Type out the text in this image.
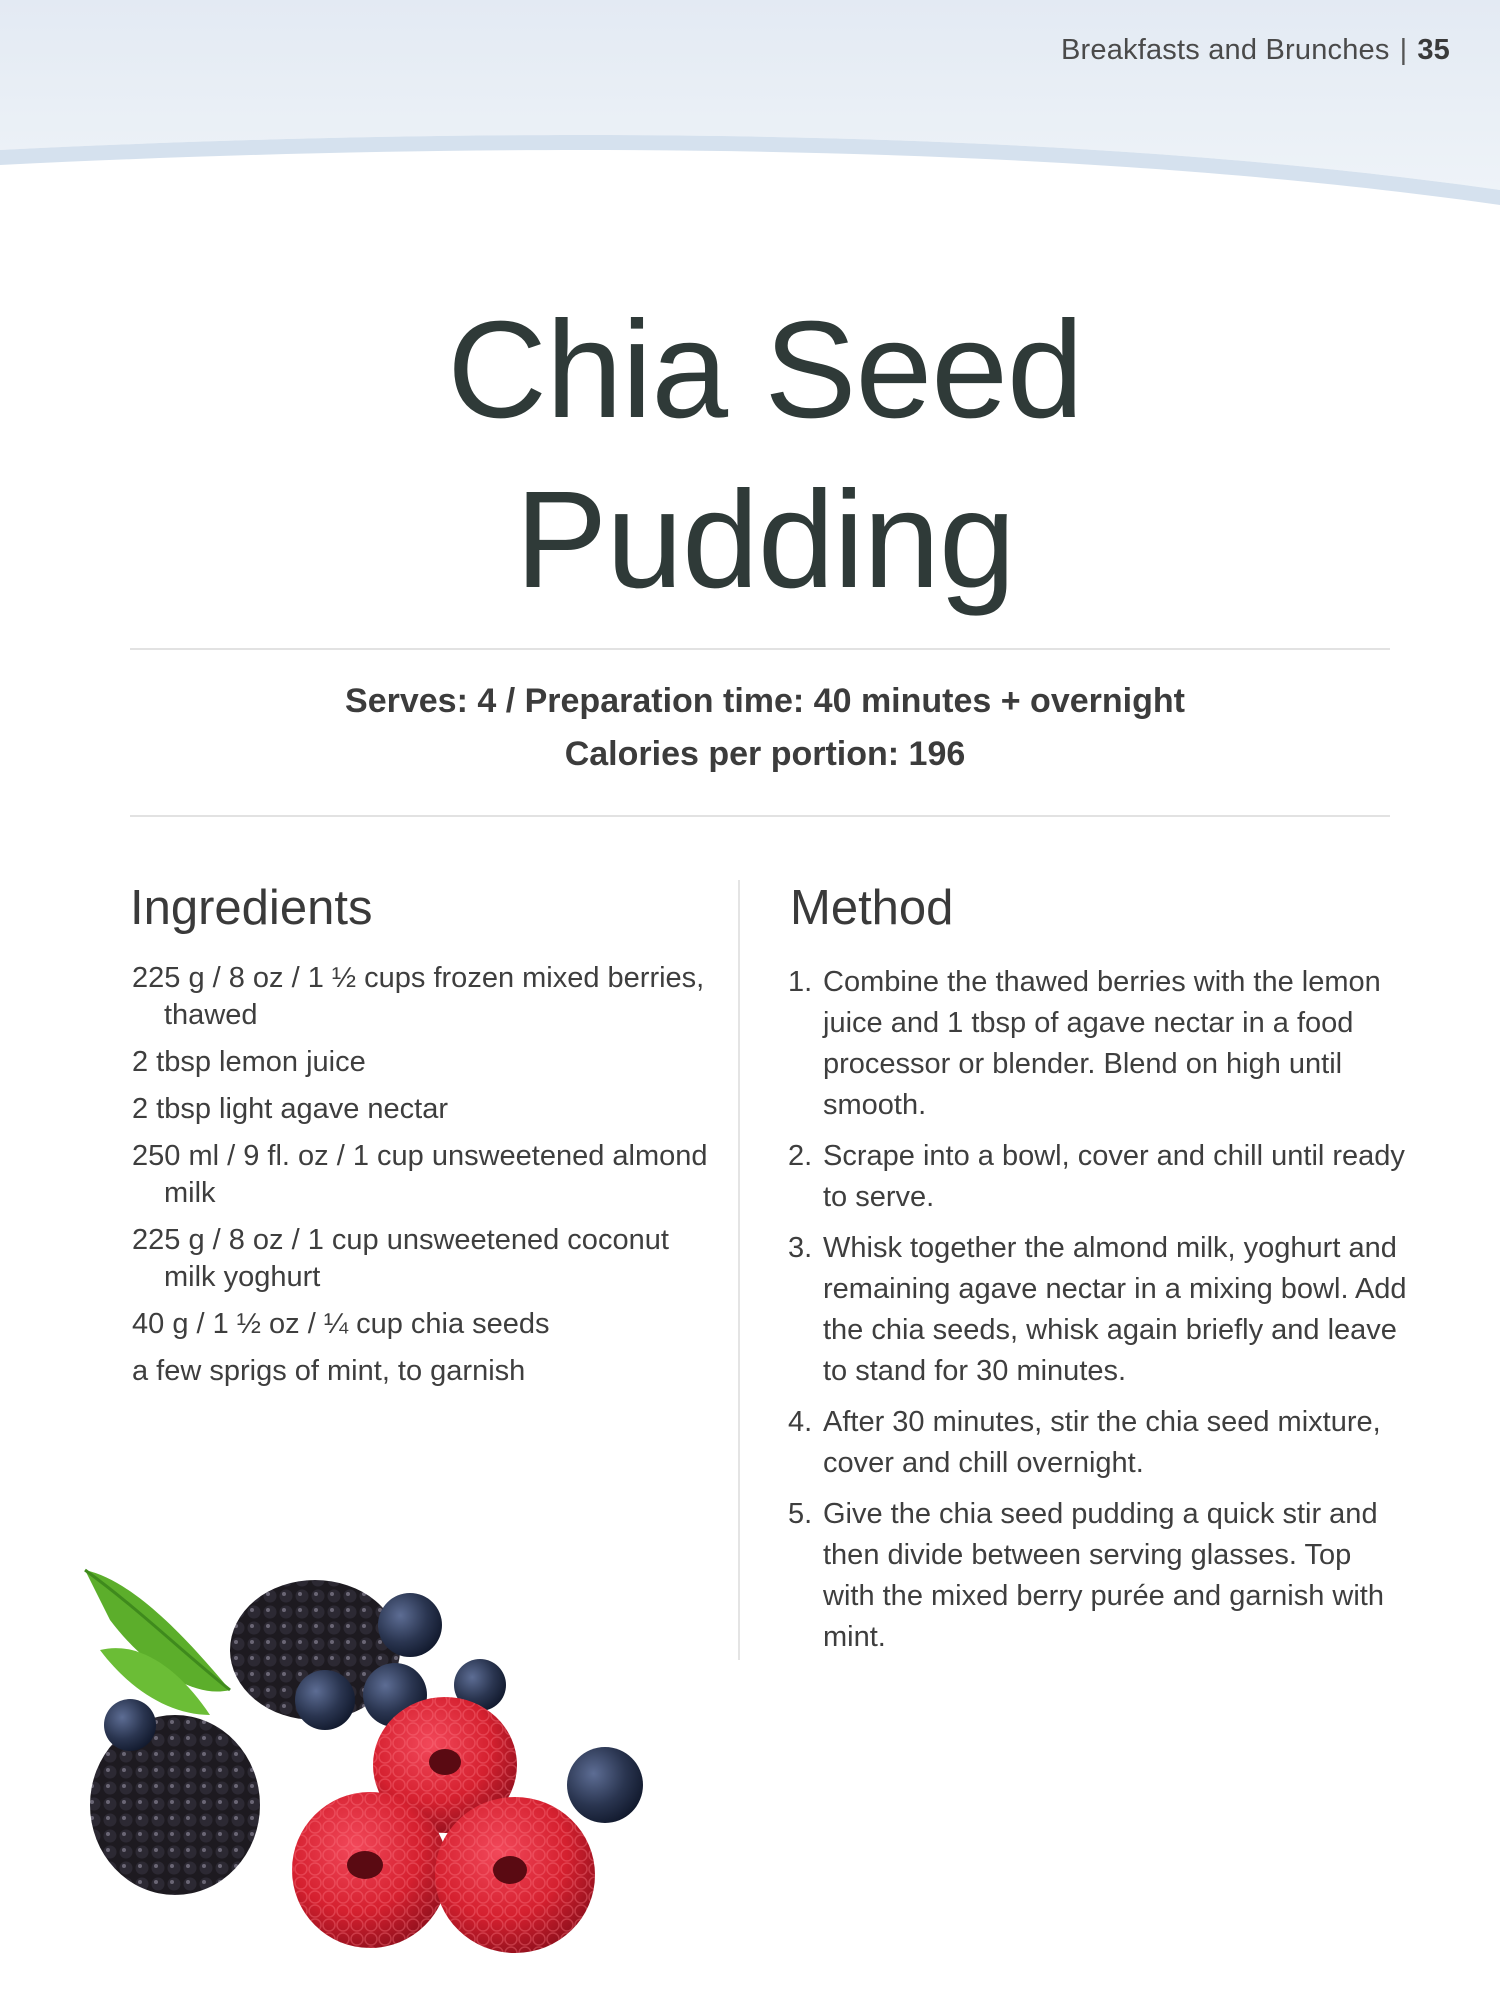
Breakfasts and Brunches | 35
Chia Seed
Pudding
Serves: 4 / Preparation time: 40 minutes + overnight
Calories per portion: 196
Ingredients	Method
225 g / 8 oz / 1 ½ cups frozen mixed berries, thawed
2 tbsp lemon juice
2 tbsp light agave nectar
250 ml / 9 fl. oz / 1 cup unsweetened almond milk
225 g / 8 oz / 1 cup unsweetened coconut milk yoghurt
40 g / 1 ½ oz / ¼ cup chia seeds
a few sprigs of mint, to garnish
1. Combine the thawed berries with the lemon juice and 1 tbsp of agave nectar in a food processor or blender. Blend on high until smooth.
2. Scrape into a bowl, cover and chill until ready to serve.
3. Whisk together the almond milk, yoghurt and remaining agave nectar in a mixing bowl. Add the chia seeds, whisk again briefly and leave to stand for 30 minutes.
4. After 30 minutes, stir the chia seed mixture, cover and chill overnight.
5. Give the chia seed pudding a quick stir and then divide between serving glasses. Top with the mixed berry purée and garnish with mint.
